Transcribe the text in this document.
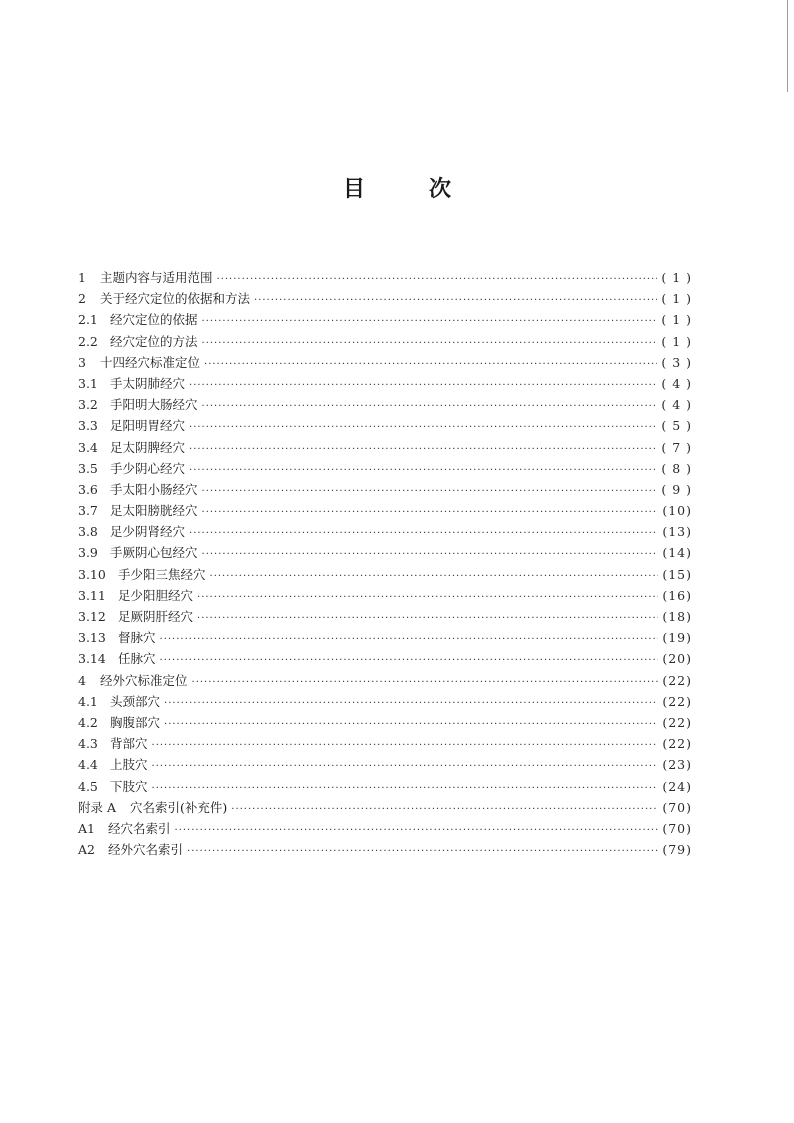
目	次
1	主题内容与适用范围 ·····	( 1 )
2	关于经穴定位的依据和方法 ·····	( 1 )
2.1 经穴定位的依据 ·····	( 1 )
2.2 经穴定位的方法 ·····	( 1 )
3	十四经穴标准定位 ·····	( 3 )
3.1 手太阴肺经穴 ·····	( 4 )
3.2 手阳明大肠经穴 ·····	( 4 )
3.3 足阳明胃经穴 ·····	( 5 )
3.4 足太阴脾经穴 ·····	( 7 )
3.5 手少阴心经穴 ·····	( 8 )
3.6 手太阳小肠经穴 ·····	( 9 )
3.7 足太阳膀胱经穴 ·····	(10)
3.8 足少阴肾经穴 ·····	(13)
3.9 手厥阴心包经穴 ·····	(14)
3.10 手少阳三焦经穴 ·····	(15)
3.11 足少阳胆经穴 ·····	(16)
3.12 足厥阴肝经穴 ·····	(18)
3.13 督脉穴 ·····	(19)
3.14 任脉穴 ·····	(20)
4	经外穴标准定位 ·····	(22)
4.1 头颈部穴 ·····	(22)
4.2 胸腹部穴 ·····	(22)
4.3 背部穴 ·····	(22)
4.4 上肢穴 ·····	(23)
4.5 下肢穴 ·····	(24)
附录 A	穴名索引(补充件) ·····	(70)
A1	经穴名索引 ·····	(70)
A2	经外穴名索引 ·····	(79)
